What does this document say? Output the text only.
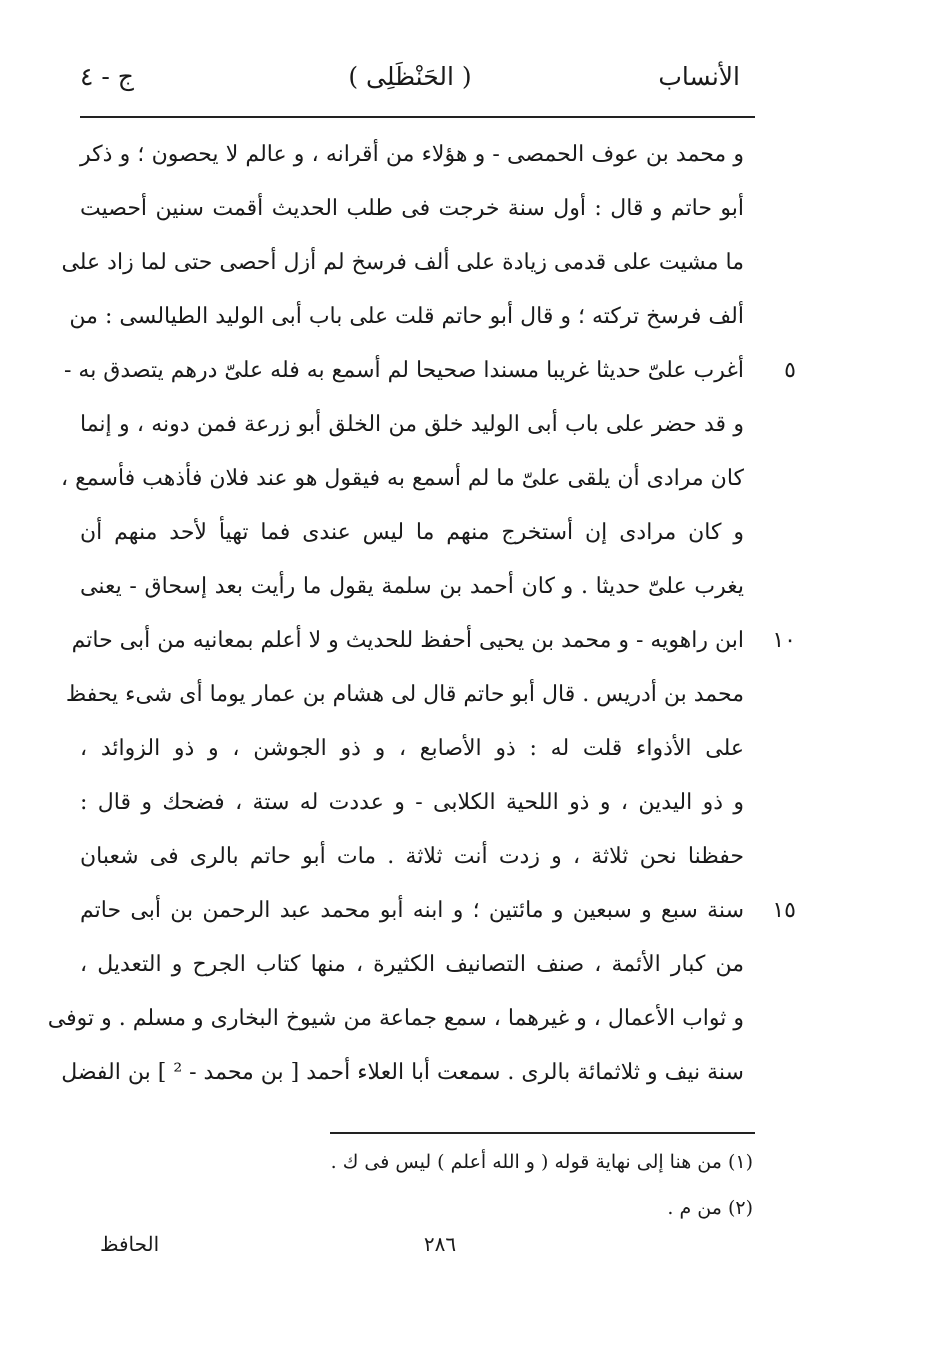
الأنساب
( الحَنْظَلِى )
ج - ٤
و محمد بن عوف الحمصى - و هؤلاء من أقرانه ، و عالم لا يحصون ؛ و ذكر
أبو حاتم و قال : أول سنة خرجت فى طلب الحديث أقمت سنين أحصيت
ما مشيت على قدمى زيادة على ألف فرسخ لم أزل أحصى حتى لما زاد على
ألف فرسخ تركته ؛ و قال أبو حاتم قلت على باب أبى الوليد الطيالسى : من
أغرب علىّ حديثا غريبا مسندا صحيحا لم أسمع به فله علىّ درهم يتصدق به -
و قد حضر على باب أبى الوليد خلق من الخلق أبو زرعة فمن دونه ، و إنما
كان مرادى أن يلقى علىّ ما لم أسمع به فيقول هو عند فلان فأذهب فأسمع ،
و كان مرادى إن أستخرج منهم ما ليس عندى فما تهيأ لأحد منهم أن
يغرب علىّ حديثا . و كان أحمد بن سلمة يقول ما رأيت بعد إسحاق - يعنى
ابن راهويه - و محمد بن يحيى أحفظ للحديث و لا أعلم بمعانيه من أبى حاتم
محمد بن أدريس . قال أبو حاتم قال لى هشام بن عمار يوما أى شىء يحفظ
على الأذواء قلت له : ذو الأصابع ، و ذو الجوشن ، و ذو الزوائد ،
و ذو اليدين ، و ذو اللحية الكلابى - و عددت له ستة ، فضحك و قال :
حفظنا نحن ثلاثة ، و زدت أنت ثلاثة . مات أبو حاتم بالرى فى شعبان
سنة سبع و سبعين و مائتين ؛ و ابنه أبو محمد عبد الرحمن بن أبى حاتم
من كبار الأئمة ، صنف التصانيف الكثيرة ، منها كتاب الجرح و التعديل ،
و ثواب الأعمال ، و غيرهما ، سمع جماعة من شيوخ البخارى و مسلم . و توفى
سنة نيف و ثلاثمائة بالرى . سمعت أبا العلاء أحمد [ بن محمد - ² ] بن الفضل
٥
١٠
١٥
(١) من هنا إلى نهاية قوله ( و الله أعلم ) ليس فى ك .
(٢) من م .
الحافظ	٢٨٦
